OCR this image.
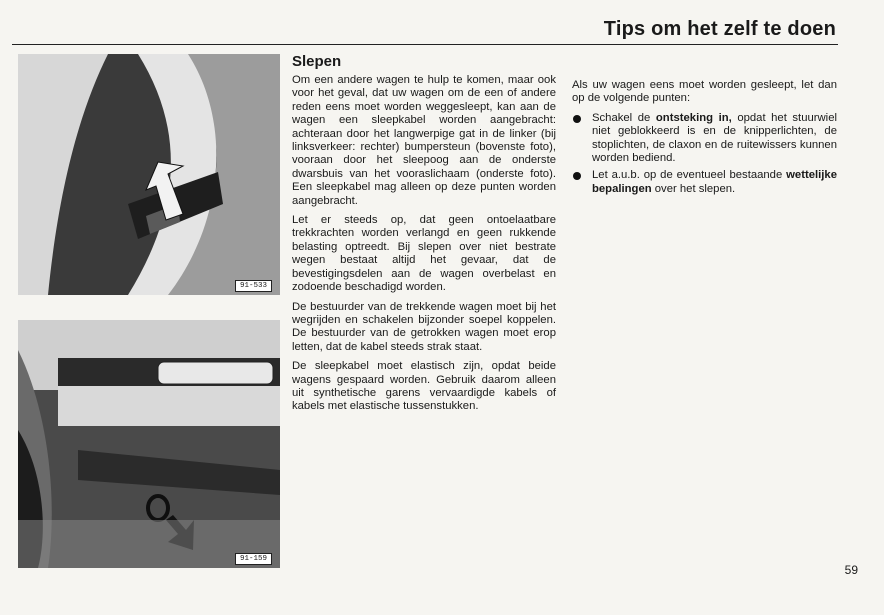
Tips om het zelf te doen
91-533
91-159
Slepen

Om een andere wagen te hulp te komen, maar ook voor het geval, dat uw wagen om de een of andere reden eens moet worden weggesleept, kan aan de wagen een sleepkabel worden aangebracht: achteraan door het langwerpige gat in de linker (bij linksverkeer: rechter) bumpersteun (bovenste foto), vooraan door het sleepoog aan de onderste dwarsbuis van het vooraslichaam (onderste foto). Een sleepkabel mag alleen op deze punten worden aangebracht.

Let er steeds op, dat geen ontoelaatbare trekkrachten worden verlangd en geen rukkende belasting optreedt. Bij slepen over niet bestrate wegen bestaat altijd het gevaar, dat de bevestigingsdelen aan de wagen overbelast en zodoende beschadigd worden.

De bestuurder van de trekkende wagen moet bij het wegrijden en schakelen bijzonder soepel koppelen. De bestuurder van de getrokken wagen moet erop letten, dat de kabel steeds strak staat.

De sleepkabel moet elastisch zijn, opdat beide wagens gespaard worden. Gebruik daarom alleen uit synthetische garens vervaardigde kabels of kabels met elastische tussenstukken.

Als uw wagen eens moet worden gesleept, let dan op de volgende punten:

Schakel de ontsteking in, opdat het stuurwiel niet geblokkeerd is en de knipperlichten, de stoplichten, de claxon en de ruitewissers kunnen worden bediend.

Let a.u.b. op de eventueel bestaande wettelijke bepalingen over het slepen.

59
